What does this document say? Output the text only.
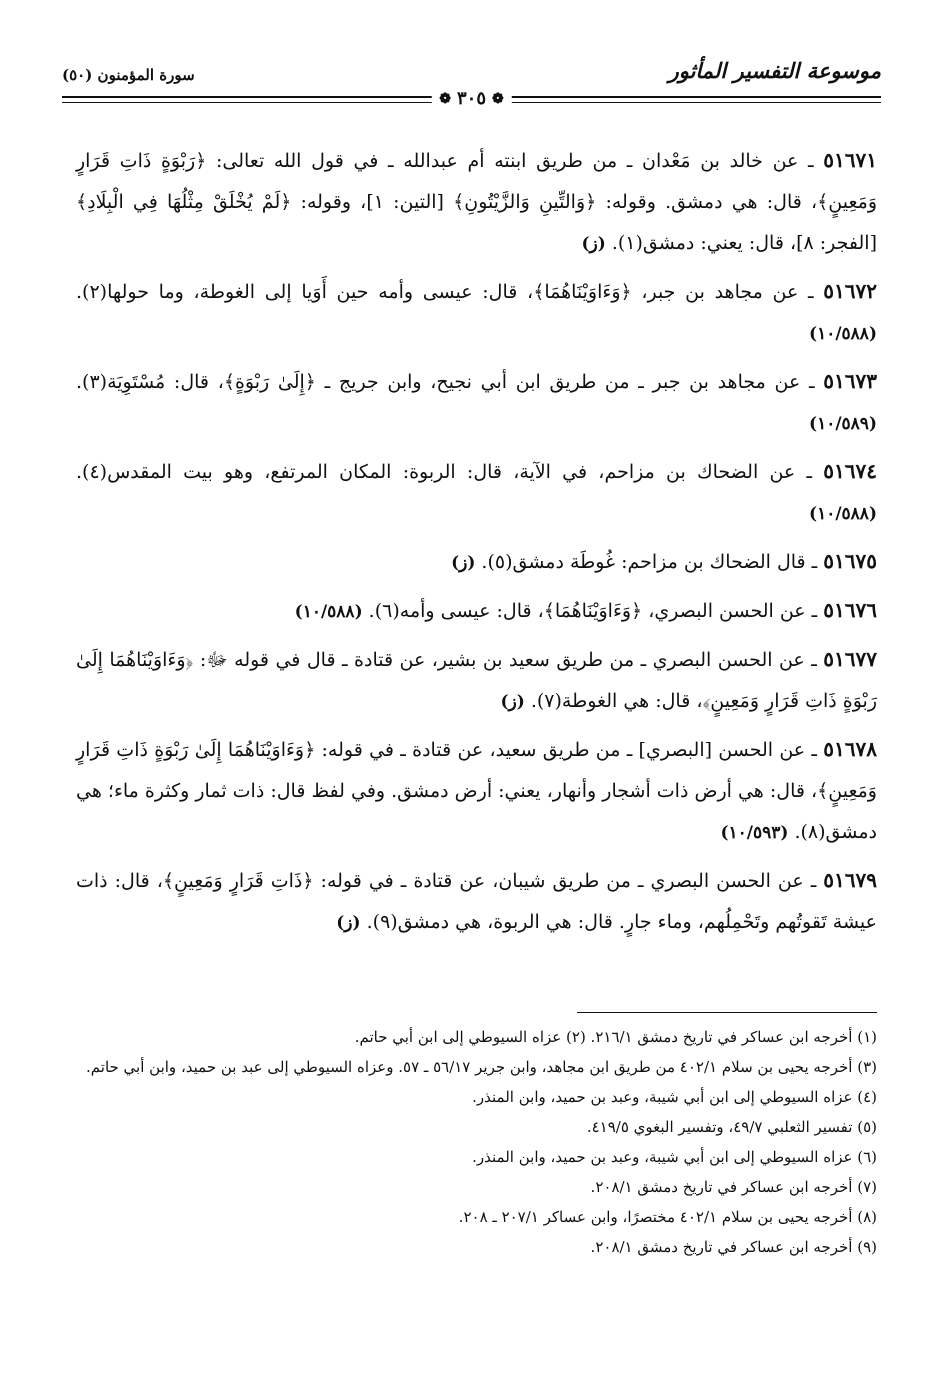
موسوعة التفسير المأثور
سورة المؤمنون (٥٠)
❁
٣٠٥
❁

٥١٦٧١ ـ عن خالد بن مَعْدان ـ من طريق ابنته أم عبدالله ـ في قول الله تعالى: ﴿رَبْوَةٍ ذَاتِ قَرَارٍ وَمَعِينٍ﴾، قال: هي دمشق. وقوله: ﴿وَالتِّينِ وَالزَّيْتُونِ﴾ [التين: ١]، وقوله: ﴿لَمْ يُخْلَقْ مِثْلُهَا فِي الْبِلَادِ﴾ [الفجر: ٨]، قال: يعني: دمشق(١). (ز)

٥١٦٧٢ ـ عن مجاهد بن جبر، ﴿وَءَاوَيْنَاهُمَا﴾، قال: عيسى وأمه حين أَوَيا إلى الغوطة، وما حولها(٢). (١٠/٥٨٨)

٥١٦٧٣ ـ عن مجاهد بن جبر ـ من طريق ابن أبي نجيح، وابن جريج ـ ﴿إِلَىٰ رَبْوَةٍ﴾، قال: مُسْتَوِيَة(٣). (١٠/٥٨٩)

٥١٦٧٤ ـ عن الضحاك بن مزاحم، في الآية، قال: الربوة: المكان المرتفع، وهو بيت المقدس(٤). (١٠/٥٨٨)

٥١٦٧٥ ـ قال الضحاك بن مزاحم: غُوطَة دمشق(٥). (ز)

٥١٦٧٦ ـ عن الحسن البصري، ﴿وَءَاوَيْنَاهُمَا﴾، قال: عيسى وأمه(٦). (١٠/٥٨٨)

٥١٦٧٧ ـ عن الحسن البصري ـ من طريق سعيد بن بشير، عن قتادة ـ قال في قوله ﷻ: ﴿وَءَاوَيْنَاهُمَا إِلَىٰ رَبْوَةٍ ذَاتِ قَرَارٍ وَمَعِينٍ﴾، قال: هي الغوطة(٧). (ز)

٥١٦٧٨ ـ عن الحسن [البصري] ـ من طريق سعيد، عن قتادة ـ في قوله: ﴿وَءَاوَيْنَاهُمَا إِلَىٰ رَبْوَةٍ ذَاتِ قَرَارٍ وَمَعِينٍ﴾، قال: هي أرض ذات أشجار وأنهار، يعني: أرض دمشق. وفي لفظ قال: ذات ثمار وكثرة ماء؛ هي دمشق(٨). (١٠/٥٩٣)

٥١٦٧٩ ـ عن الحسن البصري ـ من طريق شيبان، عن قتادة ـ في قوله: ﴿ذَاتِ قَرَارٍ وَمَعِينٍ﴾، قال: ذات عيشة تَقوتُهم وتَحْمِلُهم، وماء جارٍ. قال: هي الربوة، هي دمشق(٩). (ز)

(١) أخرجه ابن عساكر في تاريخ دمشق ٢١٦/١. (٢) عزاه السيوطي إلى ابن أبي حاتم.

(٣) أخرجه يحيى بن سلام ٤٠٢/١ من طريق ابن مجاهد، وابن جرير ٥٦/١٧ ـ ٥٧. وعزاه السيوطي إلى عبد بن حميد، وابن أبي حاتم.

(٤) عزاه السيوطي إلى ابن أبي شيبة، وعبد بن حميد، وابن المنذر.

(٥) تفسير الثعلبي ٤٩/٧، وتفسير البغوي ٤١٩/٥.

(٦) عزاه السيوطي إلى ابن أبي شيبة، وعبد بن حميد، وابن المنذر.

(٧) أخرجه ابن عساكر في تاريخ دمشق ٢٠٨/١.

(٨) أخرجه يحيى بن سلام ٤٠٢/١ مختصرًا، وابن عساكر ٢٠٧/١ ـ ٢٠٨.

(٩) أخرجه ابن عساكر في تاريخ دمشق ٢٠٨/١.
